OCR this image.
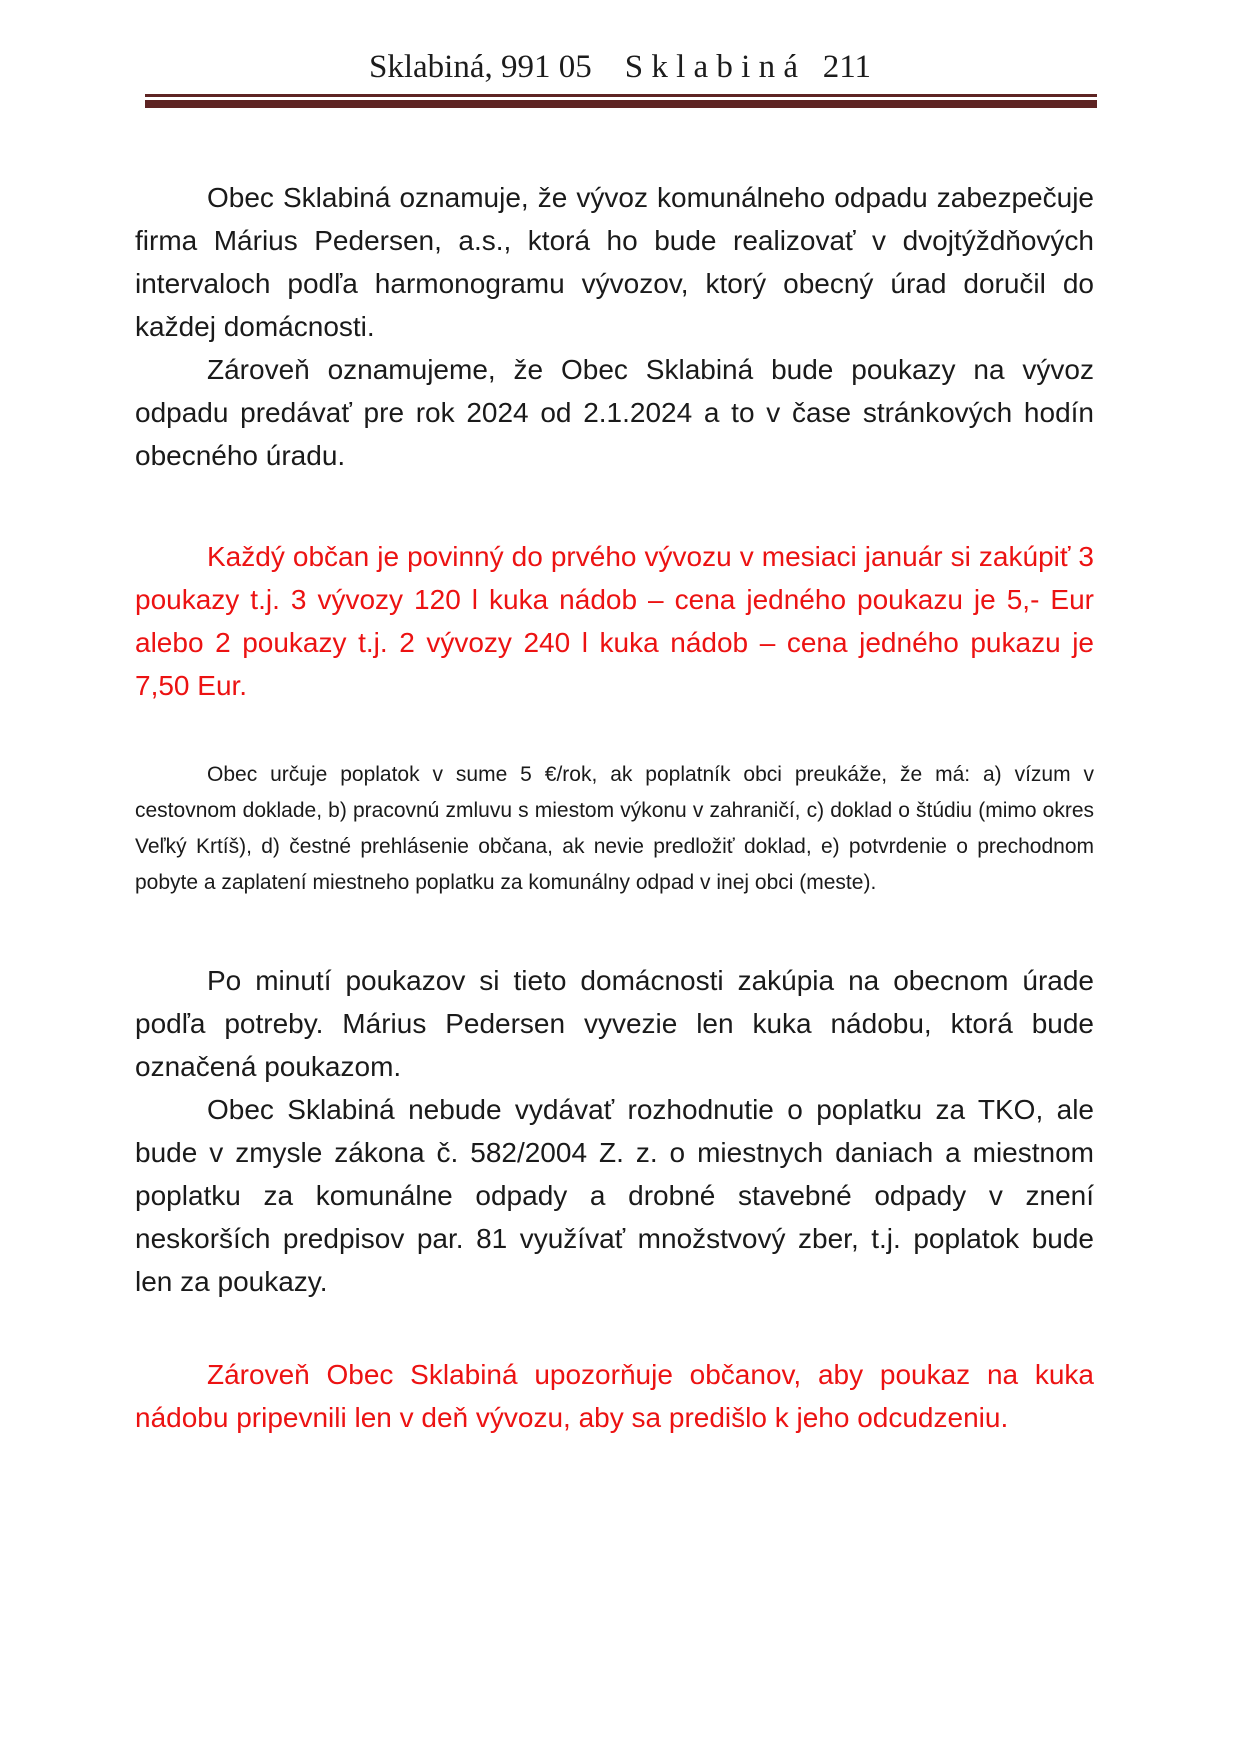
Sklabiná, 991 05    S k l a b i n á   211

Obec Sklabiná oznamuje, že vývoz komunálneho odpadu zabezpečuje firma Márius Pedersen, a.s., ktorá ho bude realizovať v dvojtýždňových intervaloch podľa harmonogramu vývozov, ktorý obecný úrad doručil do každej domácnosti.

Zároveň oznamujeme, že Obec Sklabiná bude poukazy na vývoz odpadu predávať pre rok 2024 od 2.1.2024 a to v čase stránkových hodín obecného úradu.

Každý občan je povinný do prvého vývozu v mesiaci január si zakúpiť 3 poukazy t.j. 3 vývozy 120 l kuka nádob – cena jedného poukazu je 5,- Eur alebo 2 poukazy t.j. 2 vývozy 240 l kuka nádob – cena jedného pukazu je 7,50 Eur.

Obec určuje poplatok v sume 5 €/rok, ak poplatník obci preukáže, že má: a) vízum v cestovnom doklade, b) pracovnú zmluvu s miestom výkonu v zahraničí, c) doklad o štúdiu (mimo okres Veľký Krtíš), d) čestné prehlásenie občana, ak nevie predložiť doklad, e) potvrdenie o prechodnom pobyte a zaplatení miestneho poplatku za komunálny odpad v inej obci (meste).

Po minutí poukazov si tieto domácnosti zakúpia na obecnom úrade podľa potreby. Márius Pedersen vyvezie len kuka nádobu, ktorá bude označená poukazom.

Obec Sklabiná nebude vydávať rozhodnutie o poplatku za TKO, ale bude v zmysle zákona č. 582/2004 Z. z. o miestnych daniach a miestnom poplatku za komunálne odpady a drobné stavebné odpady v znení neskorších predpisov par. 81 využívať množstvový zber, t.j. poplatok bude len za poukazy.

Zároveň Obec Sklabiná upozorňuje občanov, aby poukaz na kuka nádobu pripevnili len v deň vývozu, aby sa predišlo k jeho odcudzeniu.
